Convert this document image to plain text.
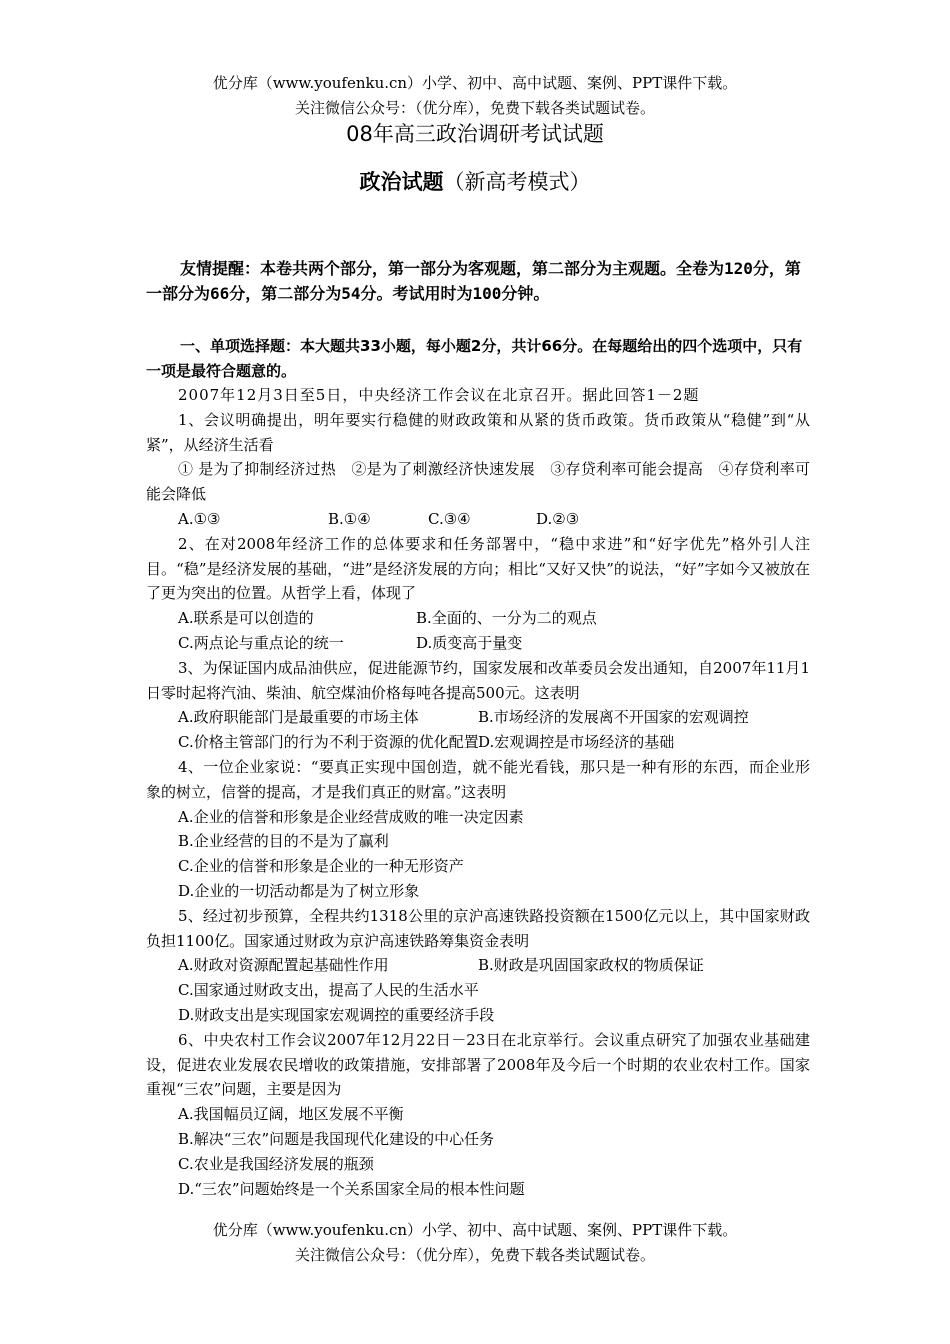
优分库（www.youfenku.cn）小学、初中、高中试题、案例、PPT课件下载。
关注微信公众号：（优分库），免费下载各类试题试卷。
08年高三政治调研考试试题
政治试题（新高考模式）
友情提醒：本卷共两个部分，第一部分为客观题，第二部分为主观题。全卷为120分，第一部分为66分，第二部分为54分。考试用时为100分钟。
一、单项选择题：本大题共33小题，每小题2分，共计66分。在每题给出的四个选项中，只有一项是最符合题意的。

2007年12月3日至5日，中央经济工作会议在北京召开。据此回答1－2题

1、会议明确提出，明年要实行稳健的财政政策和从紧的货币政策。货币政策从“稳健”到“从紧”，从经济生活看

① 是为了抑制经济过热　②是为了刺激经济快速发展　③存贷利率可能会提高　④存贷利率可能会降低

A.①③	B.①④	C.③④	D.②③

2、在对2008年经济工作的总体要求和任务部署中，“稳中求进”和“好字优先”格外引人注目。“稳”是经济发展的基础，“进”是经济发展的方向；相比“又好又快”的说法，“好”字如今又被放在了更为突出的位置。从哲学上看，体现了

A.联系是可以创造的	B.全面的、一分为二的观点

C.两点论与重点论的统一	D.质变高于量变

3、为保证国内成品油供应，促进能源节约，国家发展和改革委员会发出通知，自2007年11月1日零时起将汽油、柴油、航空煤油价格每吨各提高500元。这表明

A.政府职能部门是最重要的市场主体	B.市场经济的发展离不开国家的宏观调控

C.价格主管部门的行为不利于资源的优化配置D.宏观调控是市场经济的基础

4、一位企业家说：“要真正实现中国创造，就不能光看钱，那只是一种有形的东西，而企业形象的树立，信誉的提高，才是我们真正的财富。”这表明

A.企业的信誉和形象是企业经营成败的唯一决定因素

B.企业经营的目的不是为了赢利

C.企业的信誉和形象是企业的一种无形资产

D.企业的一切活动都是为了树立形象

5、经过初步预算，全程共约1318公里的京沪高速铁路投资额在1500亿元以上，其中国家财政负担1100亿。国家通过财政为京沪高速铁路筹集资金表明

A.财政对资源配置起基础性作用	B.财政是巩固国家政权的物质保证

C.国家通过财政支出，提高了人民的生活水平

D.财政支出是实现国家宏观调控的重要经济手段

6、中央农村工作会议2007年12月22日－23日在北京举行。会议重点研究了加强农业基础建设，促进农业发展农民增收的政策措施，安排部署了2008年及今后一个时期的农业农村工作。国家重视“三农”问题，主要是因为

A.我国幅员辽阔，地区发展不平衡

B.解决“三农”问题是我国现代化建设的中心任务

C.农业是我国经济发展的瓶颈

D.“三农”问题始终是一个关系国家全局的根本性问题

优分库（www.youfenku.cn）小学、初中、高中试题、案例、PPT课件下载。
关注微信公众号：（优分库），免费下载各类试题试卷。
